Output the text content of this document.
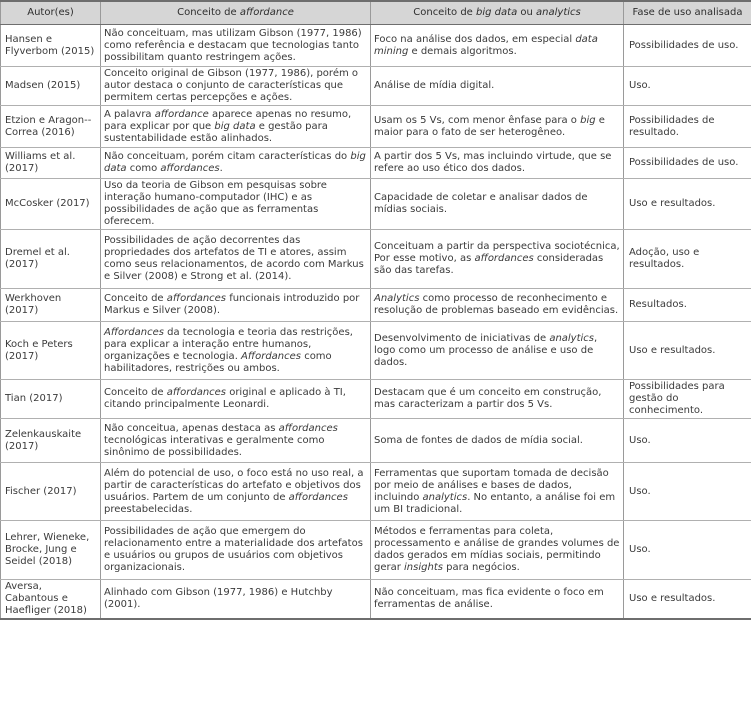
Autor(es)	Conceito de affordance	Conceito de big data ou analytics	Fase de uso analisada
Hansen e Flyverbom (2015)	Não conceituam, mas utilizam Gibson (1977, 1986) como referência e destacam que tecnologias tanto possibilitam quanto restringem ações.	Foco na análise dos dados, em especial data mining e demais algoritmos.	Possibilidades de uso.
Madsen (2015)	Conceito original de Gibson (1977, 1986), porém o autor destaca o conjunto de características que permitem certas percepções e ações.	Análise de mídia digital.	Uso.
Etzion e Aragon--Correa (2016)	A palavra affordance aparece apenas no resumo, para explicar por que big data e gestão para sustentabilidade estão alinhados.	Usam os 5 Vs, com menor ênfase para o big e maior para o fato de ser heterogêneo.	Possibilidades de resultado.
Williams et al. (2017)	Não conceituam, porém citam características do big data como affordances.	A partir dos 5 Vs, mas incluindo virtude, que se refere ao uso ético dos dados.	Possibilidades de uso.
McCosker (2017)	Uso da teoria de Gibson em pesquisas sobre interação humano-computador (IHC) e as possibilidades de ação que as ferramentas oferecem.	Capacidade de coletar e analisar dados de mídias sociais.	Uso e resultados.
Dremel et al. (2017)	Possibilidades de ação decorrentes das propriedades dos artefatos de TI e atores, assim como seus relacionamentos, de acordo com Markus e Silver (2008) e Strong et al. (2014).	Conceituam a partir da perspectiva sociotécnica, Por esse motivo, as affordances consideradas são das tarefas.	Adoção, uso e resultados.
Werkhoven (2017)	Conceito de affordances funcionais introduzido por Markus e Silver (2008).	Analytics como processo de reconhecimento e resolução de problemas baseado em evidências.	Resultados.
Koch e Peters (2017)	Affordances da tecnologia e teoria das restrições, para explicar a interação entre humanos, organizações e tecnologia. Affordances como habilitadores, restrições ou ambos.	Desenvolvimento de iniciativas de analytics, logo como um processo de análise e uso de dados.	Uso e resultados.
Tian (2017)	Conceito de affordances original e aplicado à TI, citando principalmente Leonardi.	Destacam que é um conceito em construção, mas caracterizam a partir dos 5 Vs.	Possibilidades para gestão do conhecimento.
Zelenkauskaite (2017)	Não conceitua, apenas destaca as affordances tecnológicas interativas e geralmente como sinônimo de possibilidades.	Soma de fontes de dados de mídia social.	Uso.
Fischer (2017)	Além do potencial de uso, o foco está no uso real, a partir de características do artefato e objetivos dos usuários. Partem de um conjunto de affordances preestabelecidas.	Ferramentas que suportam tomada de decisão por meio de análises e bases de dados, incluindo analytics. No entanto, a análise foi em um BI tradicional.	Uso.
Lehrer, Wieneke, Brocke, Jung e Seidel (2018)	Possibilidades de ação que emergem do relacionamento entre a materialidade dos artefatos e usuários ou grupos de usuários com objetivos organizacionais.	Métodos e ferramentas para coleta, processamento e análise de grandes volumes de dados gerados em mídias sociais, permitindo gerar insights para negócios.	Uso.
Aversa, Cabantous e Haefliger (2018)	Alinhado com Gibson (1977, 1986) e Hutchby (2001).	Não conceituam, mas fica evidente o foco em ferramentas de análise.	Uso e resultados.
